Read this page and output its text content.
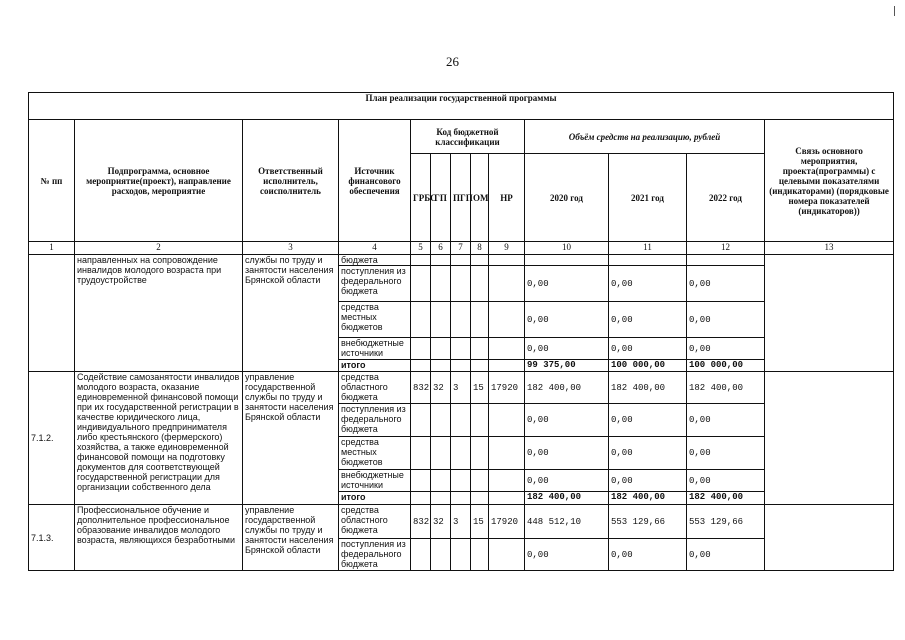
26
План реализации государственной программы												
№ пп	Подпрограмма, основное мероприятие(проект), направление расходов, мероприятие	Ответственный исполнитель, соисполнитель	Источник финансового обеспечения	Код бюджетной классификации					Объём средств на реализацию, рублей			Связь основного мероприятия, проекта(программы) с целевыми показателями (индикаторами) (порядковые номера показателей (индикаторов))
				ГРБС	ГП	ПГП	ОМ	НР	2020 год	2021 год	2022 год	
1	2	3	4	5	6	7	8	9	10	11	12	13
	направленных на сопровождение инвалидов молодого возраста при трудоустройстве	службы по труду и занятости населения Брянской области	бюджета									
			поступления из федерального бюджета						0,00	0,00	0,00	
			средства местных бюджетов						0,00	0,00	0,00	
			внебюджетные источники						0,00	0,00	0,00	
			итого						99 375,00	100 000,00	100 000,00	
7.1.2.	Содействие самозанятости инвалидов молодого возраста, оказание единовременной финансовой помощи при их государственной регистрации в качестве юридического лица, индивидуального предпринимателя либо крестьянского (фермерского) хозяйства, а также единовременной финансовой помощи на подготовку документов для соответствующей государственной регистрации для организации собственного дела	управление государственной службы по труду и занятости населения Брянской области	средства областного бюджета	832	32	3	15	17920	182 400,00	182 400,00	182 400,00	
			поступления из федерального бюджета						0,00	0,00	0,00	
			средства местных бюджетов						0,00	0,00	0,00	
			внебюджетные источники						0,00	0,00	0,00	
			итого						182 400,00	182 400,00	182 400,00	
7.1.3.	Профессиональное обучение и дополнительное профессиональное образование инвалидов молодого возраста, являющихся безработными	управление государственной службы по труду и занятости населения Брянской области	средства областного бюджета	832	32	3	15	17920	448 512,10	553 129,66	553 129,66	
			поступления из федерального бюджета						0,00	0,00	0,00	
